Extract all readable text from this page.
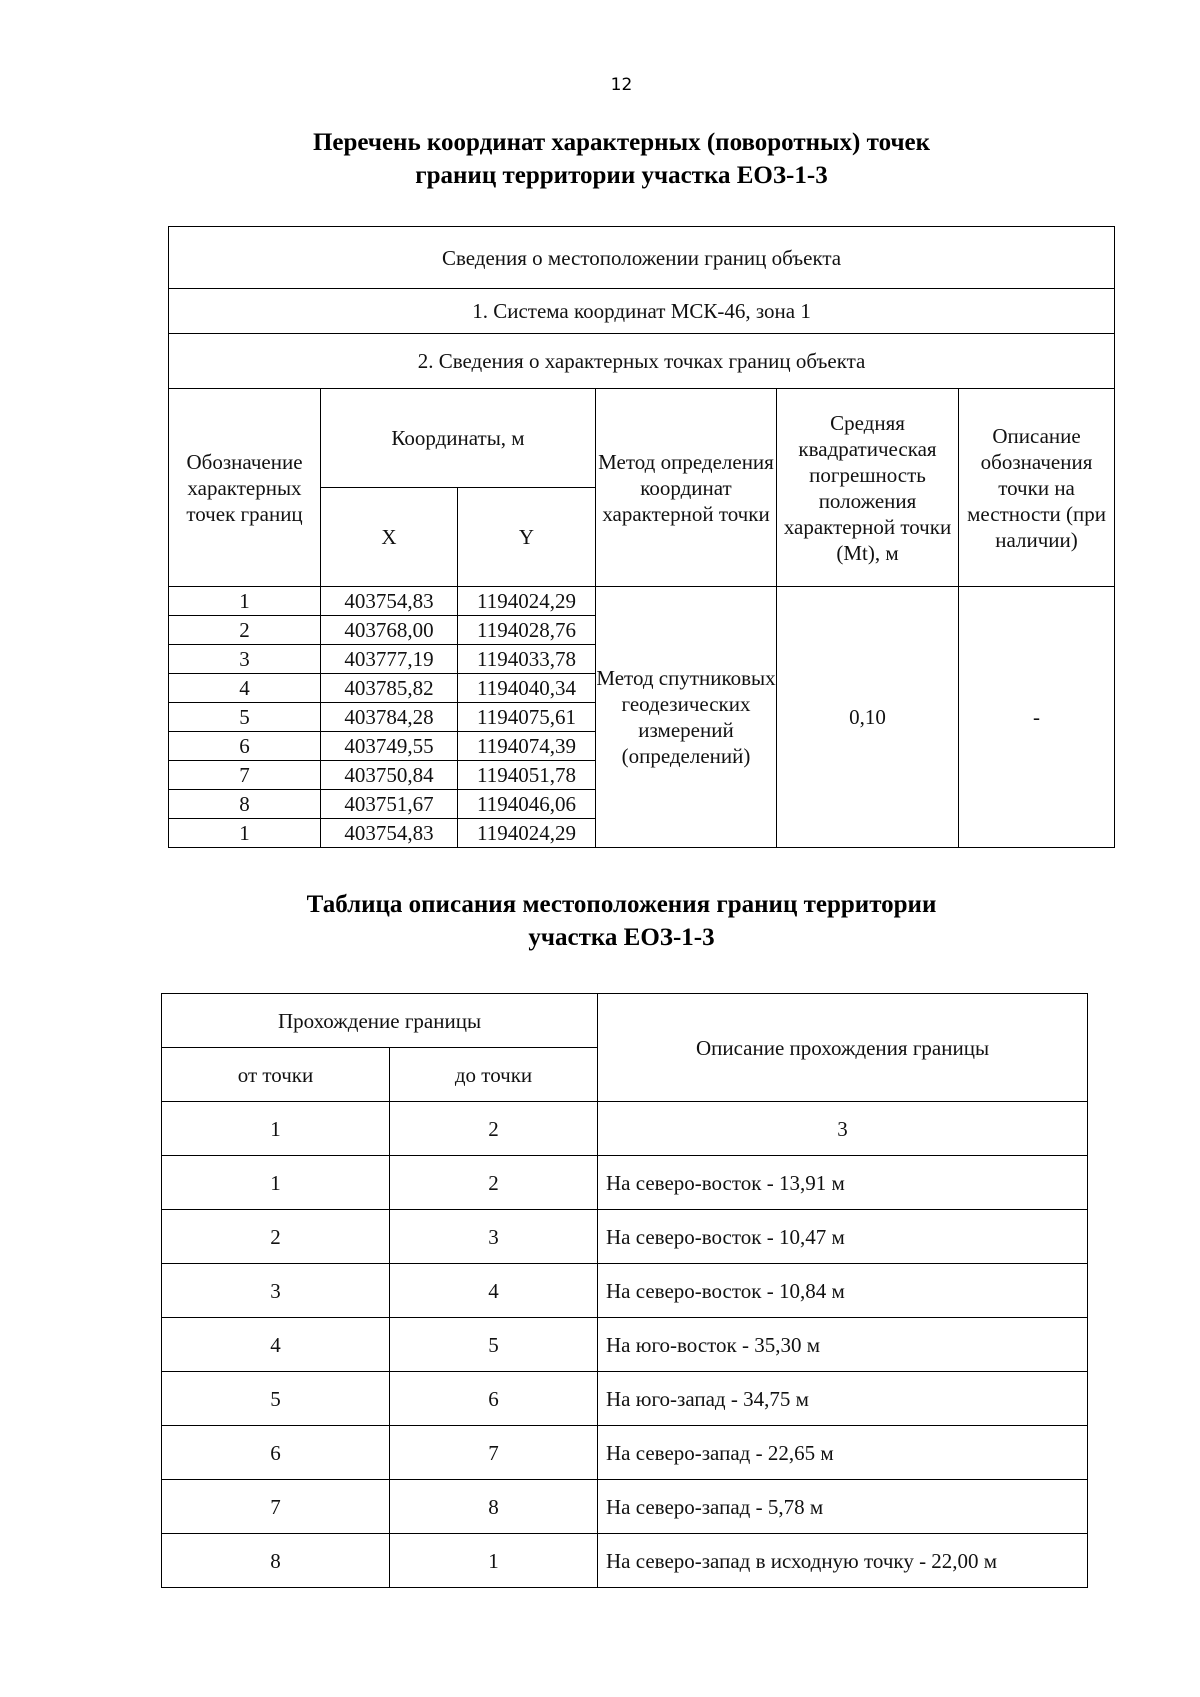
12
Перечень координат характерных (поворотных) точек
границ территории участка ЕОЗ-1-3
Сведения о местоположении границ объекта					
1. Система координат МСК-46, зона 1					
2. Сведения о характерных точках границ объекта					
Обозначение характерных точек границ	Координаты, м		Метод определения координат характерной точки	Средняя квадратическая погрешность положения характерной точки (Mt), м	Описание обозначения точки на местности (при наличии)
	X	Y			
1	403754,83	1194024,29	Метод спутниковых геодезических измерений (определений)	0,10	-
2	403768,00	1194028,76			
3	403777,19	1194033,78			
4	403785,82	1194040,34			
5	403784,28	1194075,61			
6	403749,55	1194074,39			
7	403750,84	1194051,78			
8	403751,67	1194046,06			
1	403754,83	1194024,29			
Таблица описания местоположения границ территории
участка ЕОЗ-1-3
Прохождение границы		Описание прохождения границы
от точки	до точки	
1	2	3
1	2	На северо-восток - 13,91 м
2	3	На северо-восток - 10,47 м
3	4	На северо-восток - 10,84 м
4	5	На юго-восток - 35,30 м
5	6	На юго-запад - 34,75 м
6	7	На северо-запад - 22,65 м
7	8	На северо-запад - 5,78 м
8	1	На северо-запад в исходную точку - 22,00 м
